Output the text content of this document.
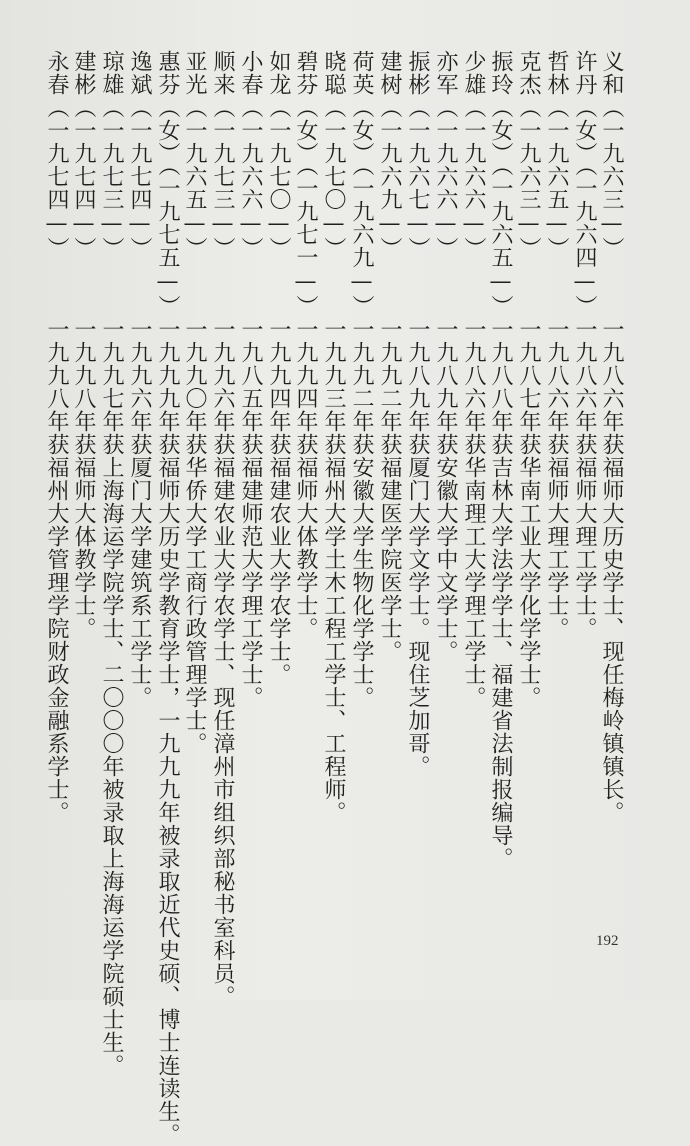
义和（一九六三—）
许丹（女）（一九六四—）
哲林（一九六五—）
克杰（一九六三—）
振玲（女）（一九六五—）
少雄（一九六六—）
亦军（一九六六—）
振彬（一九六七—）
建树（一九六九—）
荷英（女）（一九六九—）
晓聪（一九七〇—）
碧芬（女）（一九七一—）
如龙（一九七〇—）
小春（一九六六—）
顺来（一九七三—）
亚光（一九六五—）
惠芬（女）（一九七五—）
逸斌（一九七四—）
琼雄（一九七三—）
建彬（一九七四—）
永春（一九七四—）
一九八六年获福师大历史学士、现任梅岭镇镇长。
一九八六年获福师大理工学士。
一九八六年获福师大理工学士。
一九八七年获华南工业大学化学学士。
一九八八年获吉林大学法学学士、福建省法制报编导。
一九八六年获华南理工大学理工学士。
一九八九年获安徽大学中文学士。
一九八九年获厦门大学文学士。现住芝加哥。
一九九二年获福建医学院医学士。
一九九二年获安徽大学生物化学学士。
一九九三年获福州大学土木工程工学士、工程师。
一九九四年获福师大体教学士。
一九九四年获福建农业大学农学士。
一九八五年获福建师范大学理工学士。
一九九六年获福建农业大学农学士、现任漳州市组织部秘书室科员。
一九九〇年获华侨大学工商行政管理学士。
一九九九年获福师大历史学教育学士，一九九九年被录取近代史硕、博士连读生。
一九九六年获厦门大学建筑系工学士。
一九九七年获上海海运学院学士、二〇〇〇年被录取上海海运学院硕士生。
一九九八年获福师大体教学士。
一九九八年获福州大学管理学院财政金融系学士。
192
